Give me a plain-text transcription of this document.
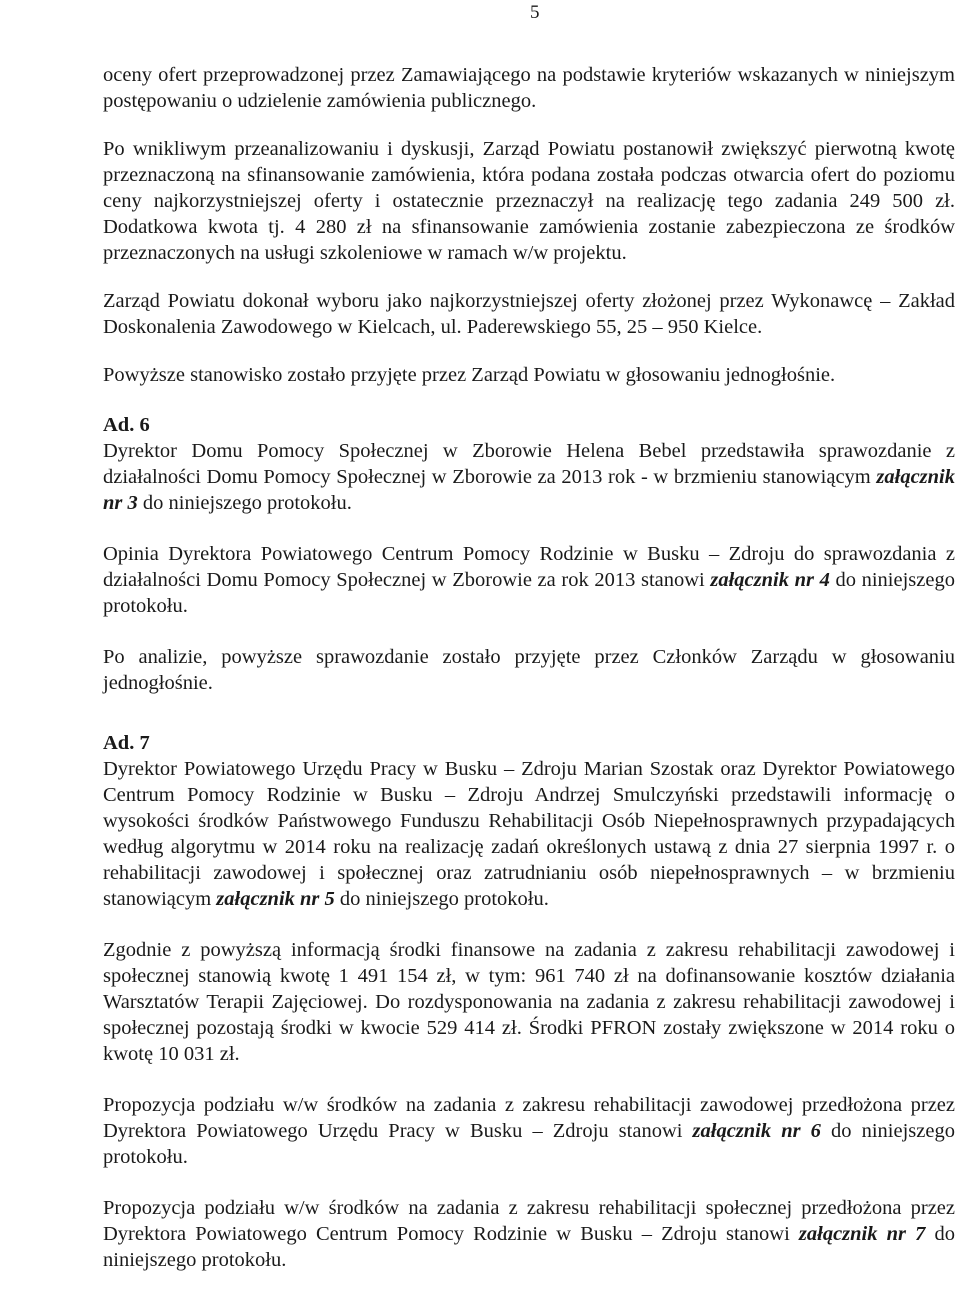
5

oceny ofert przeprowadzonej przez Zamawiającego na podstawie kryteriów wskazanych w niniejszym postępowaniu o udzielenie zamówienia publicznego.

Po wnikliwym przeanalizowaniu i dyskusji, Zarząd Powiatu postanowił zwiększyć pierwotną kwotę przeznaczoną na sfinansowanie zamówienia, która podana została podczas otwarcia ofert do poziomu ceny najkorzystniejszej oferty i ostatecznie przeznaczył na realizację tego zadania 249 500 zł. Dodatkowa kwota tj. 4 280 zł na sfinansowanie zamówienia zostanie zabezpieczona ze środków przeznaczonych na usługi szkoleniowe w ramach w/w projektu.

Zarząd Powiatu dokonał wyboru jako najkorzystniejszej oferty złożonej przez Wykonawcę – Zakład Doskonalenia Zawodowego w Kielcach, ul. Paderewskiego 55, 25 – 950 Kielce.

Powyższe stanowisko zostało przyjęte przez Zarząd Powiatu w głosowaniu jednogłośnie.

Ad. 6

Dyrektor Domu Pomocy Społecznej w Zborowie Helena Bebel przedstawiła sprawozdanie z działalności Domu Pomocy Społecznej w Zborowie za 2013 rok - w brzmieniu stanowiącym załącznik nr 3 do niniejszego protokołu.

Opinia Dyrektora Powiatowego Centrum Pomocy Rodzinie w Busku – Zdroju do sprawozdania z działalności Domu Pomocy Społecznej w Zborowie za rok 2013 stanowi załącznik nr 4 do niniejszego protokołu.

Po analizie, powyższe sprawozdanie zostało przyjęte przez Członków Zarządu w głosowaniu jednogłośnie.

Ad. 7

Dyrektor Powiatowego Urzędu Pracy w Busku – Zdroju Marian Szostak oraz Dyrektor Powiatowego Centrum Pomocy Rodzinie w Busku – Zdroju Andrzej Smulczyński przedstawili informację o wysokości środków Państwowego Funduszu Rehabilitacji Osób Niepełnosprawnych przypadających według algorytmu w 2014 roku na realizację zadań określonych ustawą z dnia 27 sierpnia 1997 r. o rehabilitacji zawodowej i społecznej oraz zatrudnianiu osób niepełnosprawnych – w brzmieniu stanowiącym załącznik nr 5 do niniejszego protokołu.

Zgodnie z powyższą informacją środki finansowe na zadania z zakresu rehabilitacji zawodowej i społecznej stanowią kwotę 1 491 154 zł, w tym: 961 740 zł na dofinansowanie kosztów działania Warsztatów Terapii Zajęciowej. Do rozdysponowania na zadania z zakresu rehabilitacji zawodowej i społecznej pozostają środki w kwocie 529 414 zł. Środki PFRON zostały zwiększone w 2014 roku o kwotę 10 031 zł.

Propozycja podziału w/w środków na zadania z zakresu rehabilitacji zawodowej przedłożona przez Dyrektora Powiatowego Urzędu Pracy w Busku – Zdroju stanowi załącznik nr 6 do niniejszego protokołu.

Propozycja podziału w/w środków na zadania z zakresu rehabilitacji społecznej przedłożona przez Dyrektora Powiatowego Centrum Pomocy Rodzinie w Busku – Zdroju stanowi załącznik nr 7 do niniejszego protokołu.
